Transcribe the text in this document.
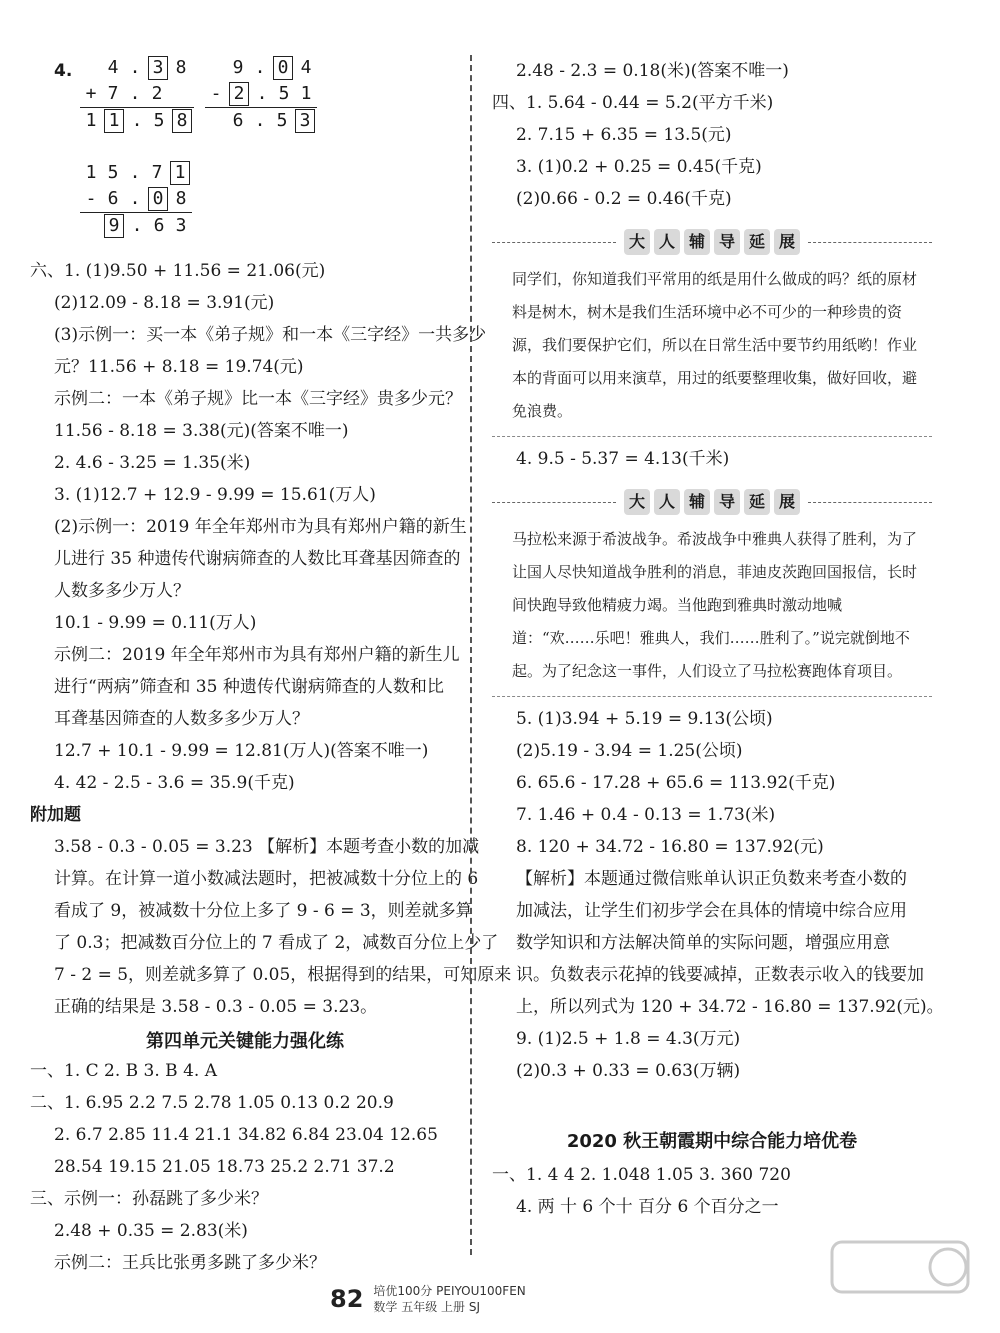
4.	4 . 3 8
+ 7 . 2
1 1 . 5 8
9 . 0 4
- 2 . 5 1
6 . 5 3
1 5 . 7 1
- 6 . 0 8
9 . 6 3
六、1. (1)9.50 + 11.56 = 21.06(元)
(2)12.09 - 8.18 = 3.91(元)
(3)示例一：买一本《弟子规》和一本《三字经》一共多少
元？11.56 + 8.18 = 19.74(元)
示例二：一本《弟子规》比一本《三字经》贵多少元？
11.56 - 8.18 = 3.38(元)(答案不唯一)
2. 4.6 - 3.25 = 1.35(米)
3. (1)12.7 + 12.9 - 9.99 = 15.61(万人)
(2)示例一：2019 年全年郑州市为具有郑州户籍的新生
儿进行 35 种遗传代谢病筛查的人数比耳聋基因筛查的
人数多多少万人？
10.1 - 9.99 = 0.11(万人)
示例二：2019 年全年郑州市为具有郑州户籍的新生儿
进行“两病”筛查和 35 种遗传代谢病筛查的人数和比
耳聋基因筛查的人数多多少万人？
12.7 + 10.1 - 9.99 = 12.81(万人)(答案不唯一)
4. 42 - 2.5 - 3.6 = 35.9(千克)
附加题
3.58 - 0.3 - 0.05 = 3.23 【解析】本题考查小数的加减
计算。在计算一道小数减法题时，把被减数十分位上的 6
看成了 9，被减数十分位上多了 9 - 6 = 3，则差就多算
了 0.3；把减数百分位上的 7 看成了 2，减数百分位上少了
7 - 2 = 5，则差就多算了 0.05，根据得到的结果，可知原来
正确的结果是 3.58 - 0.3 - 0.05 = 3.23。
第四单元关键能力强化练
一、1. C 2. B 3. B 4. A
二、1. 6.95 2.2 7.5 2.78 1.05 0.13 0.2 20.9
2. 6.7 2.85 11.4 21.1 34.82 6.84 23.04 12.65
28.54 19.15 21.05 18.73 25.2 2.71 37.2
三、示例一：孙磊跳了多少米？
2.48 + 0.35 = 2.83(米)
示例二：王兵比张勇多跳了多少米？
2.48 - 2.3 = 0.18(米)(答案不唯一)
四、1. 5.64 - 0.44 = 5.2(平方千米)
2. 7.15 + 6.35 = 13.5(元)
3. (1)0.2 + 0.25 = 0.45(千克)
(2)0.66 - 0.2 = 0.46(千克)
大 人 辅 导 延 展
同学们，你知道我们平常用的纸是用什么做成的吗？纸的原材料是树木，树木是我们生活环境中必不可少的一种珍贵的资源，我们要保护它们，所以在日常生活中要节约用纸哟！作业本的背面可以用来演草，用过的纸要整理收集，做好回收，避免浪费。
4. 9.5 - 5.37 = 4.13(千米)
大 人 辅 导 延 展
马拉松来源于希波战争。希波战争中雅典人获得了胜利，为了让国人尽快知道战争胜利的消息，菲迪皮茨跑回国报信，长时间快跑导致他精疲力竭。当他跑到雅典时激动地喊道：“欢……乐吧！雅典人，我们……胜利了。”说完就倒地不起。为了纪念这一事件，人们设立了马拉松赛跑体育项目。
5. (1)3.94 + 5.19 = 9.13(公顷)
(2)5.19 - 3.94 = 1.25(公顷)
6. 65.6 - 17.28 + 65.6 = 113.92(千克)
7. 1.46 + 0.4 - 0.13 = 1.73(米)
8. 120 + 34.72 - 16.80 = 137.92(元)
【解析】本题通过微信账单认识正负数来考查小数的
加减法，让学生们初步学会在具体的情境中综合应用
数学知识和方法解决简单的实际问题，增强应用意
识。负数表示花掉的钱要减掉，正数表示收入的钱要加
上，所以列式为 120 + 34.72 - 16.80 = 137.92(元)。
9. (1)2.5 + 1.8 = 4.3(万元)
(2)0.3 + 0.33 = 0.63(万辆)
2020 秋王朝霞期中综合能力培优卷
一、1. 4 4 2. 1.048 1.05 3. 360 720
4. 两 十 6 个十 百分 6 个百分之一
82 培优100分 PEIYOU100FEN
数学 五年级 上册 SJ
